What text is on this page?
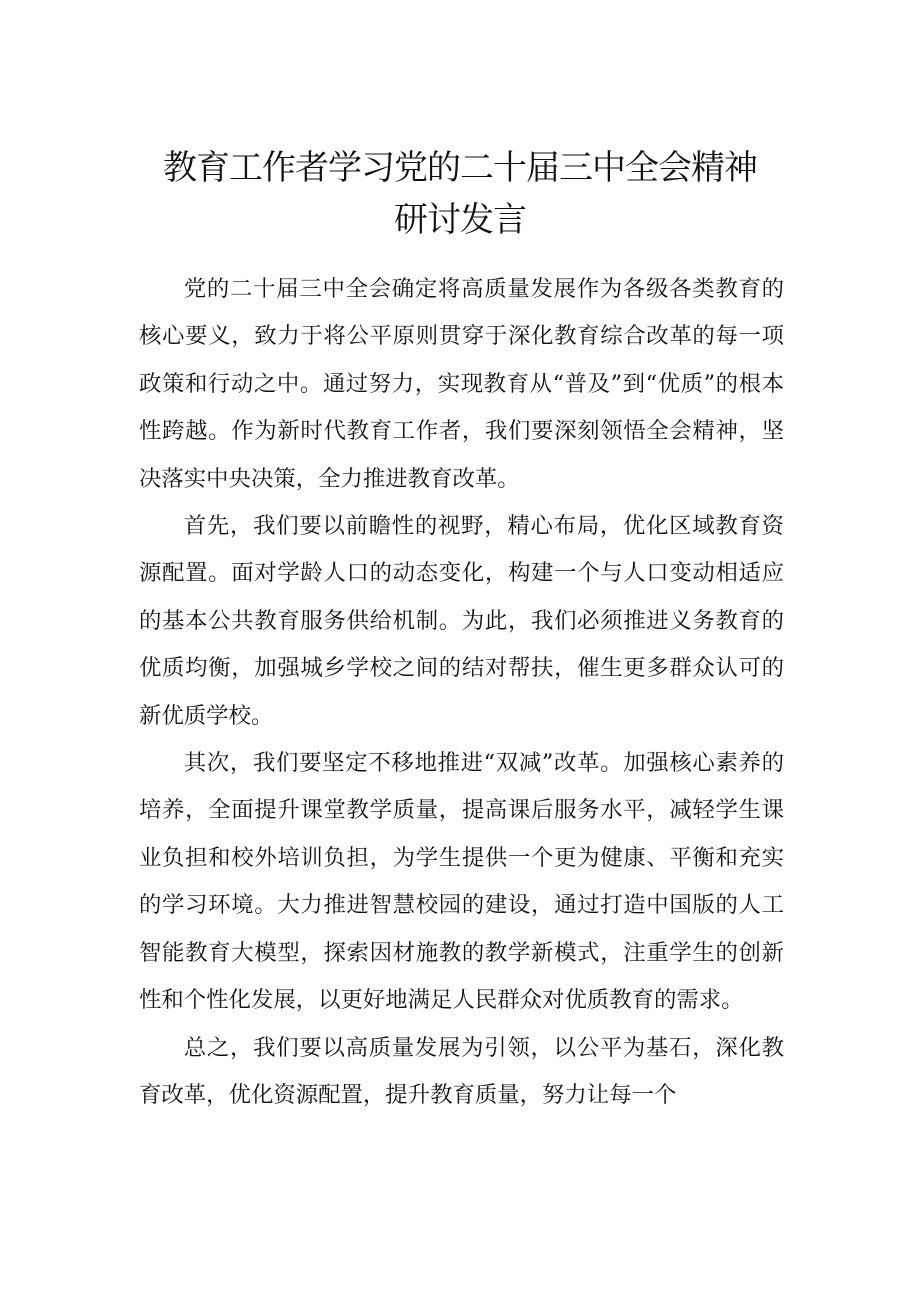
教育工作者学习党的二十届三中全会精神
研讨发言

党的二十届三中全会确定将高质量发展作为各级各类教育的核心要义，致力于将公平原则贯穿于深化教育综合改革的每一项政策和行动之中。通过努力，实现教育从“普及”到“优质”的根本性跨越。作为新时代教育工作者，我们要深刻领悟全会精神，坚决落实中央决策，全力推进教育改革。

首先，我们要以前瞻性的视野，精心布局，优化区域教育资源配置。面对学龄人口的动态变化，构建一个与人口变动相适应的基本公共教育服务供给机制。为此，我们必须推进义务教育的优质均衡，加强城乡学校之间的结对帮扶，催生更多群众认可的新优质学校。

其次，我们要坚定不移地推进“双减”改革。加强核心素养的培养，全面提升课堂教学质量，提高课后服务水平，减轻学生课业负担和校外培训负担，为学生提供一个更为健康、平衡和充实的学习环境。大力推进智慧校园的建设，通过打造中国版的人工智能教育大模型，探索因材施教的教学新模式，注重学生的创新性和个性化发展，以更好地满足人民群众对优质教育的需求。

总之，我们要以高质量发展为引领，以公平为基石，深化教育改革，优化资源配置，提升教育质量，努力让每一个
